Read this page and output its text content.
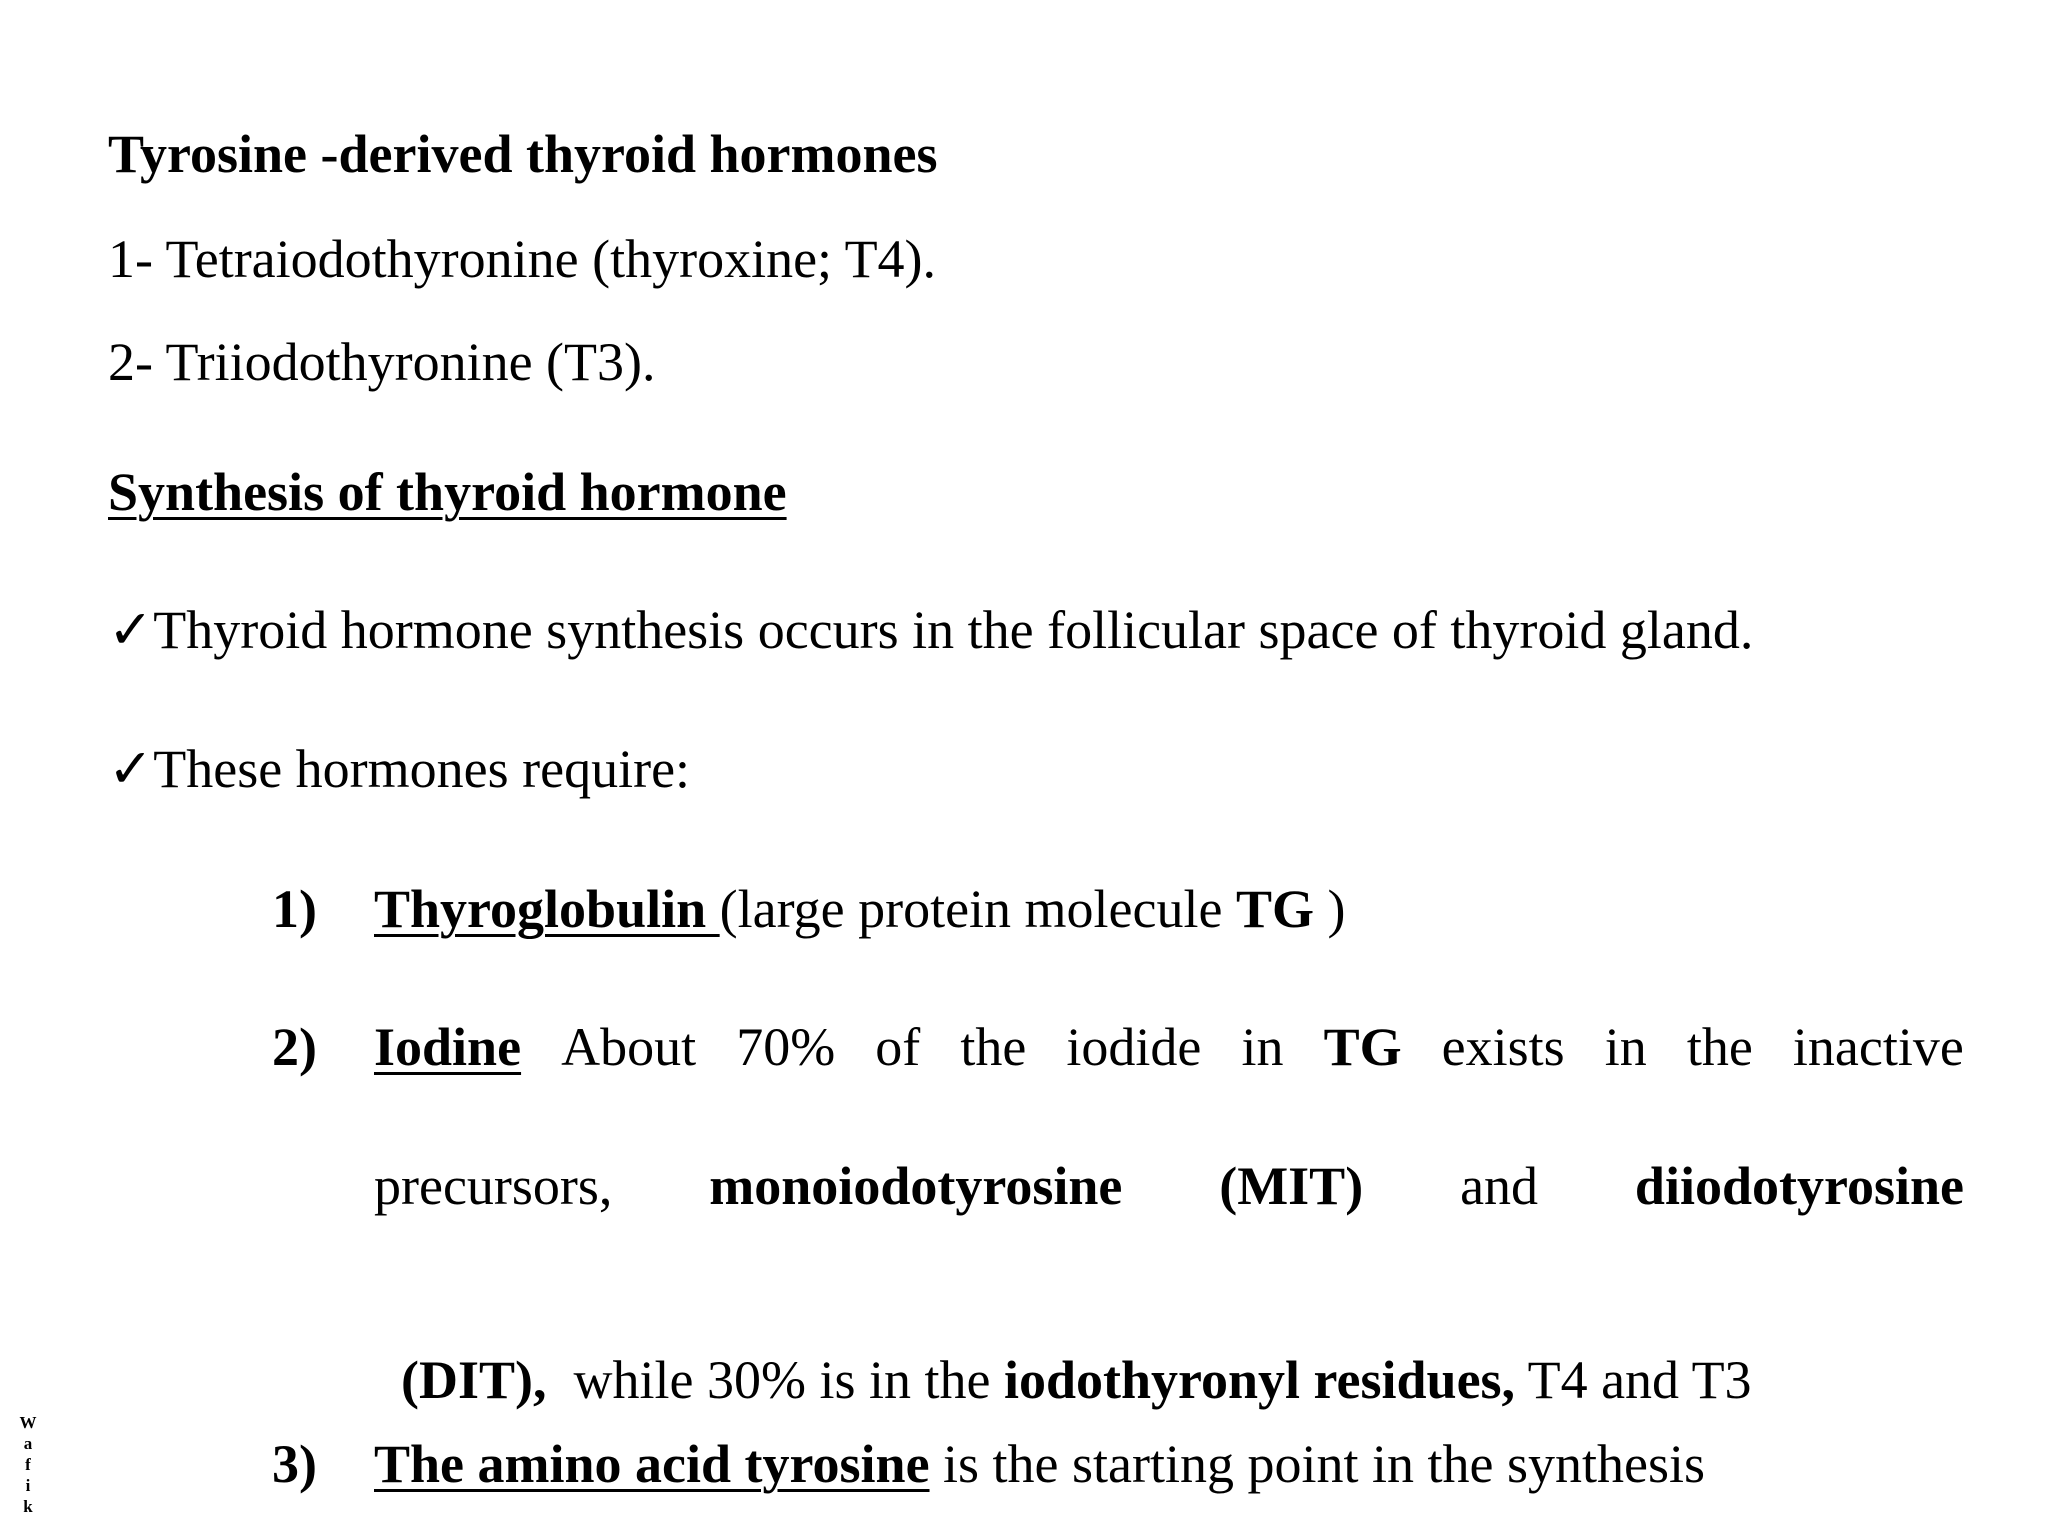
Tyrosine -derived thyroid hormones
1- Tetraiodothyronine (thyroxine; T4).
2- Triiodothyronine (T3).
Synthesis of thyroid hormone
✓Thyroid hormone synthesis occurs in the follicular space of thyroid gland.
✓These hormones require:
1) Thyroglobulin (large protein molecule TG )
2) Iodine About 70% of the iodide in TG exists in the inactive
precursors, monoiodotyrosine (MIT) and diiodotyrosine

(DIT),  while 30% is in the iodothyronyl residues, T4 and T3

3) The amino acid tyrosine is the starting point in the synthesis
W
a
f
i
k
